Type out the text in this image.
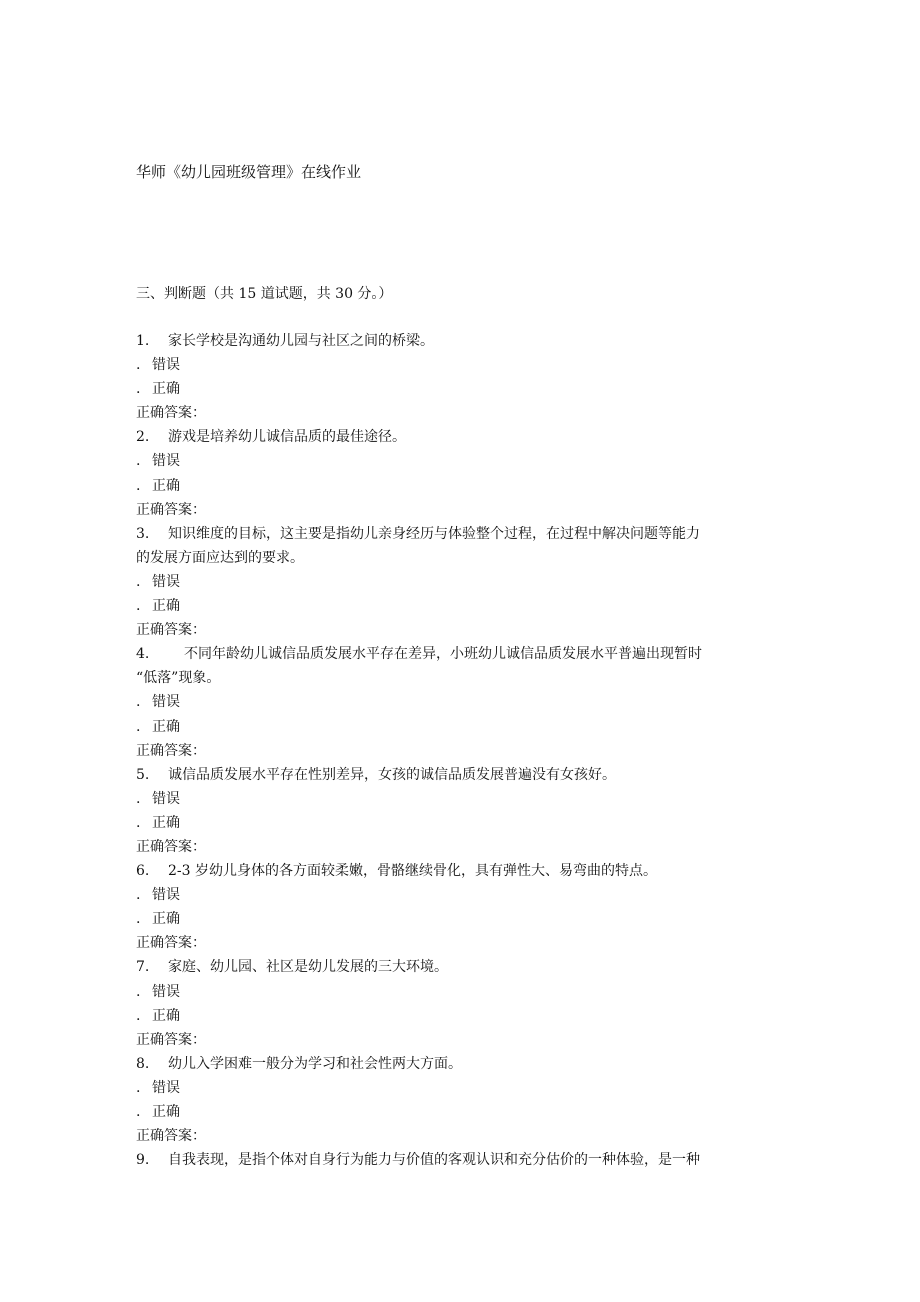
华师《幼儿园班级管理》在线作业
三、判断题（共 15 道试题，共 30 分。）
1. 家长学校是沟通幼儿园与社区之间的桥梁。
. 错误
. 正确
正确答案：
2. 游戏是培养幼儿诚信品质的最佳途径。
. 错误
. 正确
正确答案：
3. 知识维度的目标，这主要是指幼儿亲身经历与体验整个过程，在过程中解决问题等能力
的发展方面应达到的要求。
. 错误
. 正确
正确答案：
4. 不同年龄幼儿诚信品质发展水平存在差异，小班幼儿诚信品质发展水平普遍出现暂时
“低落”现象。
. 错误
. 正确
正确答案：
5. 诚信品质发展水平存在性别差异，女孩的诚信品质发展普遍没有女孩好。
. 错误
. 正确
正确答案：
6. 2-3 岁幼儿身体的各方面较柔嫩，骨骼继续骨化，具有弹性大、易弯曲的特点。
. 错误
. 正确
正确答案：
7. 家庭、幼儿园、社区是幼儿发展的三大环境。
. 错误
. 正确
正确答案：
8. 幼儿入学困难一般分为学习和社会性两大方面。
. 错误
. 正确
正确答案：
9. 自我表现，是指个体对自身行为能力与价值的客观认识和充分估价的一种体验，是一种
